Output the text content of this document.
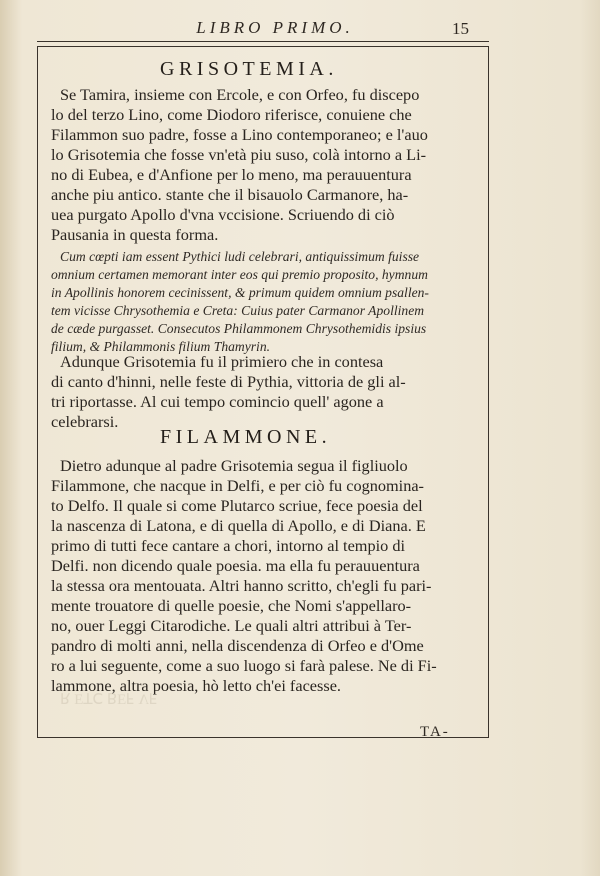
ℲΛ ℲƎꓭ ꓛꓕƎ ꓤ
LIBRO PRIMO.	15
GRISOTEMIA.
Se Tamira, insieme con Ercole, e con Orfeo, fu discepo
lo del terzo Lino, come Diodoro riferisce, conuiene che
Filammon suo padre, fosse a Lino contemporaneo; e l'auo
lo Grisotemia che fosse vn'età piu suso, colà intorno a Li-
no di Eubea, e d'Anfione per lo meno, ma perauuentura
anche piu antico. stante che il bisauolo Carmanore, ha-
uea purgato Apollo d'vna vccisione. Scriuendo di ciò
Pausania in questa forma.
Cum cœpti iam essent Pythici ludi celebrari, antiquissimum fuisse
omnium certamen memorant inter eos qui premio proposito, hymnum
in Apollinis honorem cecinissent, & primum quidem omnium psallen-
tem vicisse Chrysothemia e Creta: Cuius pater Carmanor Apollinem
de cæde purgasset. Consecutos Philammonem Chrysothemidis ipsius
filium, & Philammonis filium Thamyrin.
Adunque Grisotemia fu il primiero che in contesa
di canto d'hinni, nelle feste di Pythia, vittoria de gli al-
tri riportasse. Al cui tempo comincio quell' agone a
celebrarsi.
FILAMMONE.
Dietro adunque al padre Grisotemia segua il figliuolo
Filammone, che nacque in Delfi, e per ciò fu cognomina-
to Delfo. Il quale si come Plutarco scriue, fece poesia del
la nascenza di Latona, e di quella di Apollo, e di Diana. E
primo di tutti fece cantare a chori, intorno al tempio di
Delfi. non dicendo quale poesia. ma ella fu perauuentura
la stessa ora mentouata. Altri hanno scritto, ch'egli fu pari-
mente trouatore di quelle poesie, che Nomi s'appellaro-
no, ouer Leggi Citarodiche. Le quali altri attribui à Ter-
pandro di molti anni, nella discendenza di Orfeo e d'Ome
ro a lui seguente, come a suo luogo si farà palese. Ne di Fi-
lammone, altra poesia, hò letto ch'ei facesse.
TA-
